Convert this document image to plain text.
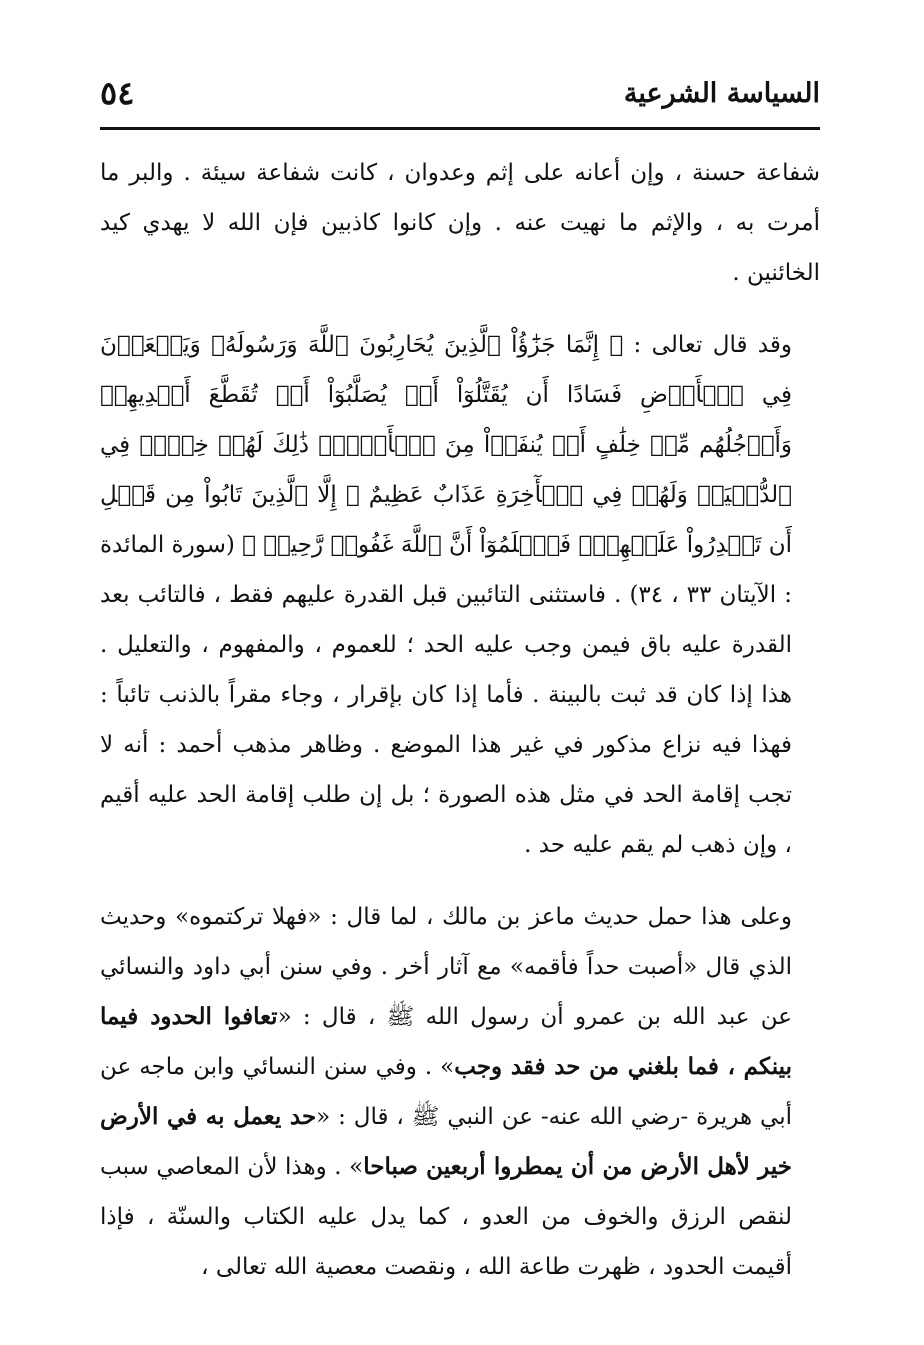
السياسة الشرعية
٥٤

شفاعة حسنة ، وإن أعانه على إثم وعدوان ، كانت شفاعة سيئة . والبر ما أمرت به ، والإثم ما نهيت عنه . وإن كانوا كاذبين فإن الله لا يهدي كيد الخائنين .

وقد قال تعالى : ﴿ إِنَّمَا جَزَٰٓؤُاْ ٱلَّذِينَ يُحَارِبُونَ ٱللَّهَ وَرَسُولَهُۥ وَيَسۡعَوۡنَ فِي ٱلۡأَرۡضِ فَسَادًا أَن يُقَتَّلُوٓاْ أَوۡ يُصَلَّبُوٓاْ أَوۡ تُقَطَّعَ أَيۡدِيهِمۡ وَأَرۡجُلُهُم مِّنۡ خِلَٰفٍ أَوۡ يُنفَوۡاْ مِنَ ٱلۡأَرۡضِۚ ذَٰلِكَ لَهُمۡ خِزۡيٞ فِي ٱلدُّنۡيَاۖ وَلَهُمۡ فِي ٱلۡأٓخِرَةِ عَذَابٌ عَظِيمٌ ۞ إِلَّا ٱلَّذِينَ تَابُواْ مِن قَبۡلِ أَن تَقۡدِرُواْ عَلَيۡهِمۡۖ فَٱعۡلَمُوٓاْ أَنَّ ٱللَّهَ غَفُورٞ رَّحِيمٞ ﴾ (سورة المائدة : الآيتان ٣٣ ، ٣٤) . فاستثنى التائبين قبل القدرة عليهم فقط ، فالتائب بعد القدرة عليه باق فيمن وجب عليه الحد ؛ للعموم ، والمفهوم ، والتعليل . هذا إذا كان قد ثبت بالبينة . فأما إذا كان بإقرار ، وجاء مقراً بالذنب تائباً : فهذا فيه نزاع مذكور في غير هذا الموضع . وظاهر مذهب أحمد : أنه لا تجب إقامة الحد في مثل هذه الصورة ؛ بل إن طلب إقامة الحد عليه أقيم ، وإن ذهب لم يقم عليه حد .

وعلى هذا حمل حديث ماعز بن مالك ، لما قال : «فهلا تركتموه» وحديث الذي قال «أصبت حداً فأقمه» مع آثار أخر . وفي سنن أبي داود والنسائي عن عبد الله بن عمرو أن رسول الله ﷺ ، قال : «تعافوا الحدود فيما بينكم ، فما بلغني من حد فقد وجب» . وفي سنن النسائي وابن ماجه عن أبي هريرة -رضي الله عنه- عن النبي ﷺ ، قال : «حد يعمل به في الأرض خير لأهل الأرض من أن يمطروا أربعين صباحا» . وهذا لأن المعاصي سبب لنقص الرزق والخوف من العدو ، كما يدل عليه الكتاب والسنّة ، فإذا أقيمت الحدود ، ظهرت طاعة الله ، ونقصت معصية الله تعالى ،
